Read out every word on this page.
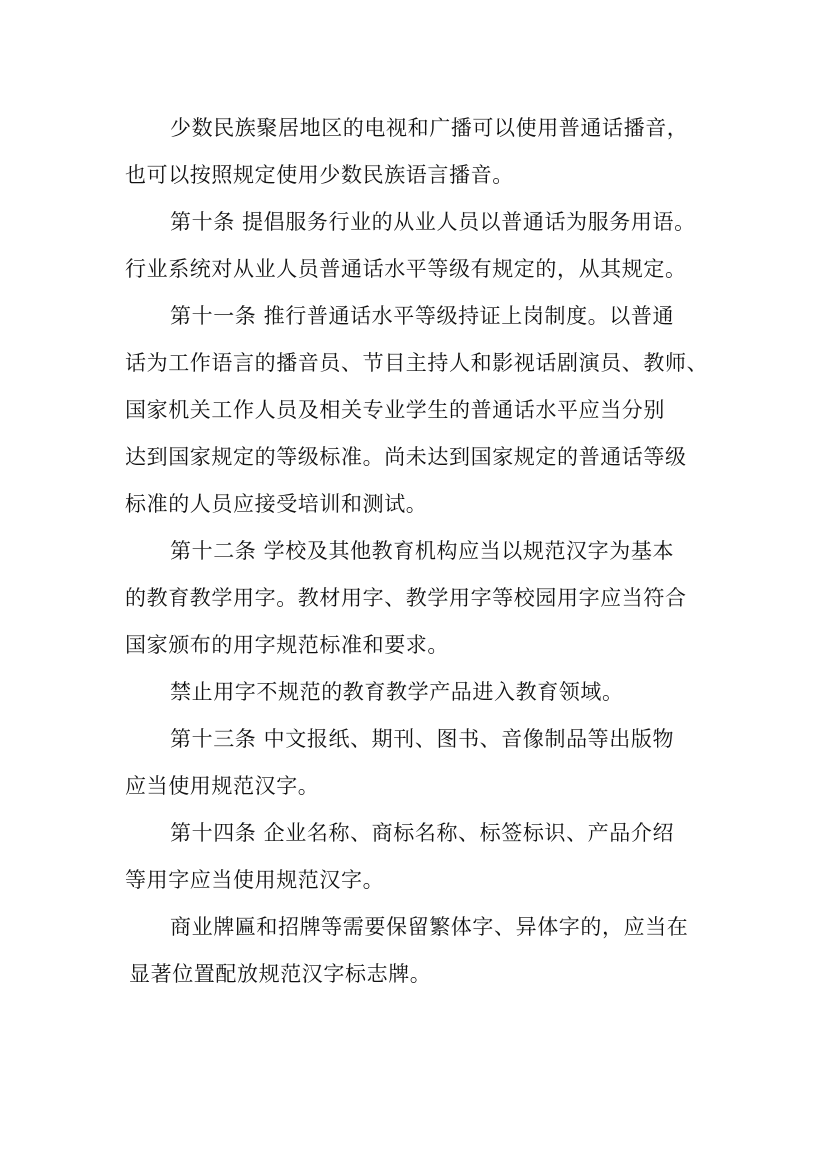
少数民族聚居地区的电视和广播可以使用普通话播音，
也可以按照规定使用少数民族语言播音。
第十条 提倡服务行业的从业人员以普通话为服务用语。
行业系统对从业人员普通话水平等级有规定的，从其规定。
第十一条 推行普通话水平等级持证上岗制度。以普通
话为工作语言的播音员、节目主持人和影视话剧演员、教师、
国家机关工作人员及相关专业学生的普通话水平应当分别
达到国家规定的等级标准。尚未达到国家规定的普通话等级
标准的人员应接受培训和测试。
第十二条 学校及其他教育机构应当以规范汉字为基本
的教育教学用字。教材用字、教学用字等校园用字应当符合
国家颁布的用字规范标准和要求。
禁止用字不规范的教育教学产品进入教育领域。
第十三条 中文报纸、期刊、图书、音像制品等出版物
应当使用规范汉字。
第十四条 企业名称、商标名称、标签标识、产品介绍
等用字应当使用规范汉字。
商业牌匾和招牌等需要保留繁体字、异体字的，应当在
显著位置配放规范汉字标志牌。
